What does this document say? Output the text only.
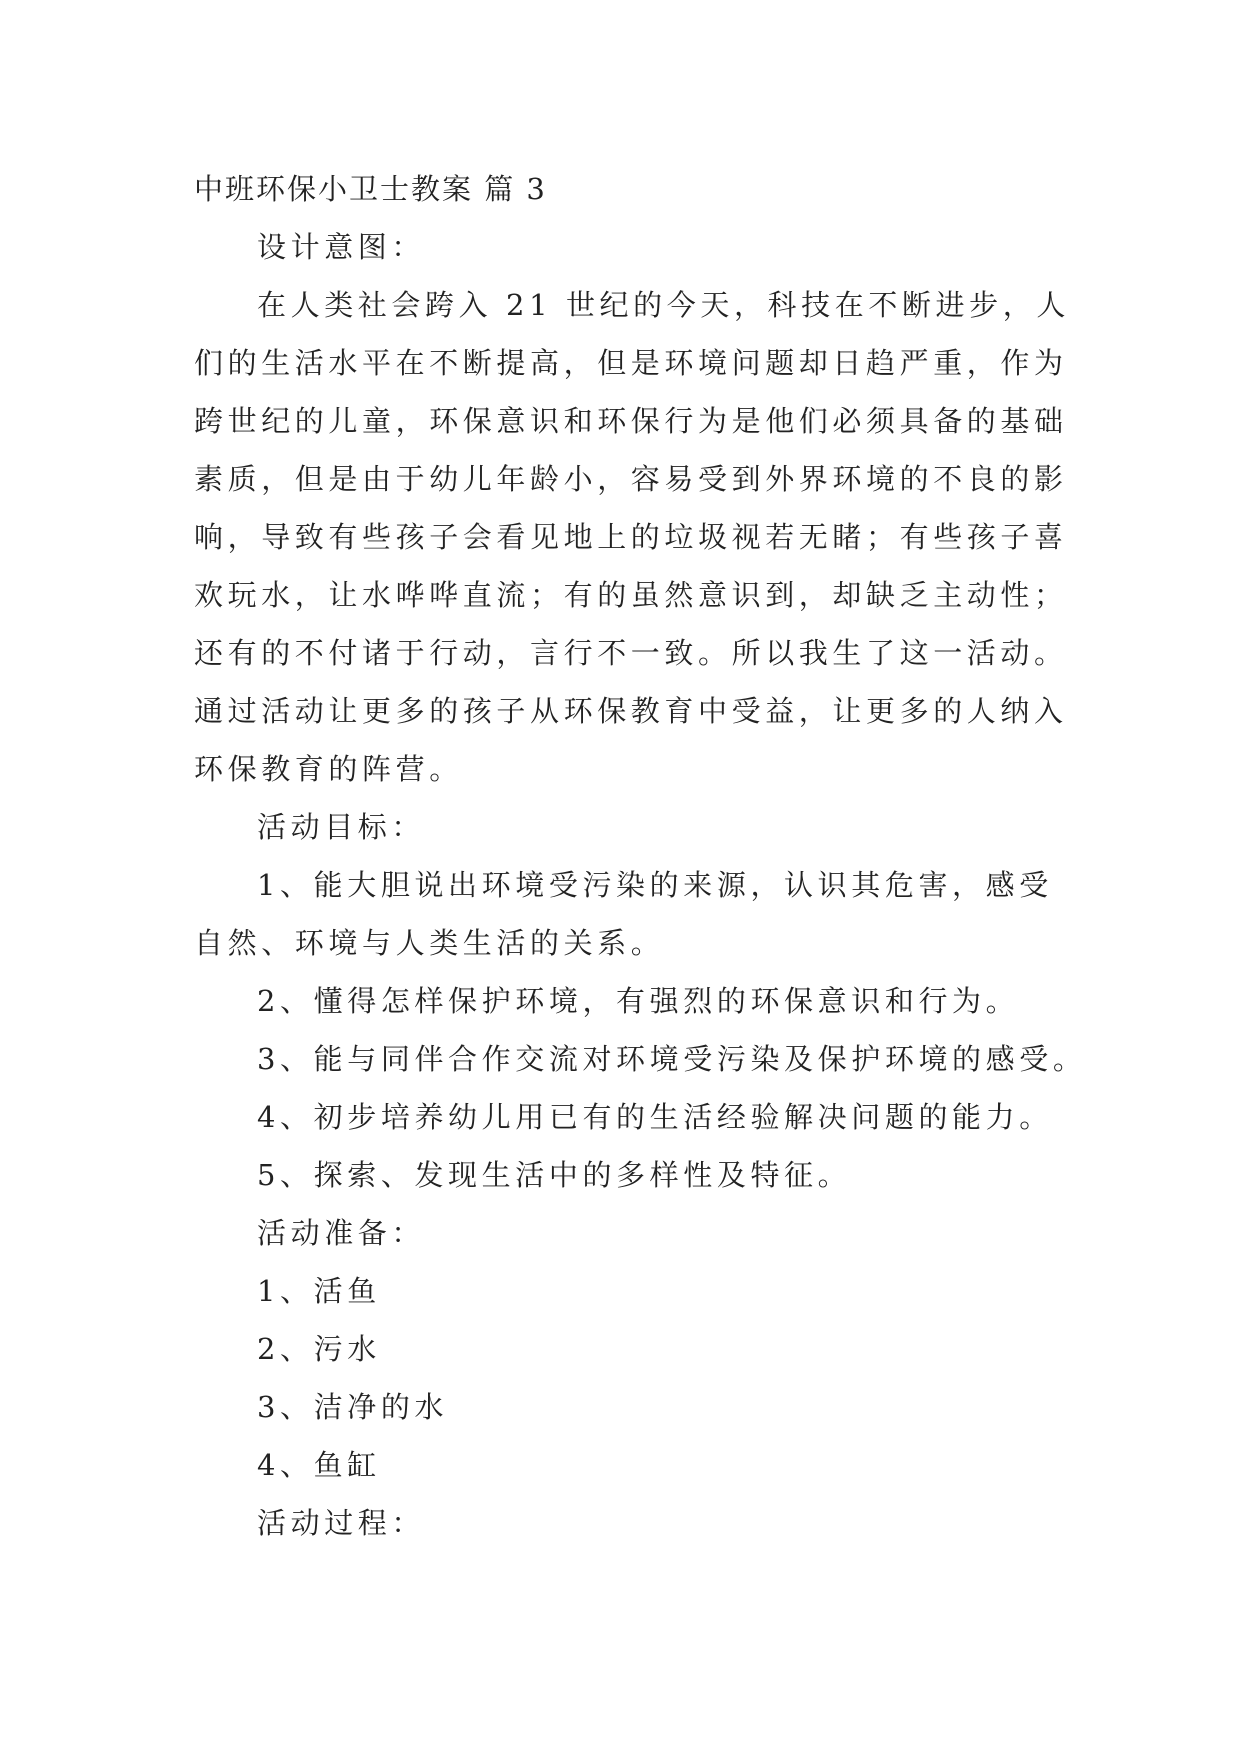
中班环保小卫士教案 篇 3
设计意图：
在人类社会跨入 21 世纪的今天，科技在不断进步，人
们的生活水平在不断提高，但是环境问题却日趋严重，作为
跨世纪的儿童，环保意识和环保行为是他们必须具备的基础
素质，但是由于幼儿年龄小，容易受到外界环境的不良的影
响，导致有些孩子会看见地上的垃圾视若无睹；有些孩子喜
欢玩水，让水哗哗直流；有的虽然意识到，却缺乏主动性；
还有的不付诸于行动，言行不一致。所以我生了这一活动。
通过活动让更多的孩子从环保教育中受益，让更多的人纳入
环保教育的阵营。
活动目标：
1、能大胆说出环境受污染的来源，认识其危害，感受
自然、环境与人类生活的关系。
2、懂得怎样保护环境，有强烈的环保意识和行为。
3、能与同伴合作交流对环境受污染及保护环境的感受。
4、初步培养幼儿用已有的生活经验解决问题的能力。
5、探索、发现生活中的多样性及特征。
活动准备：
1、活鱼
2、污水
3、洁净的水
4、鱼缸
活动过程：
